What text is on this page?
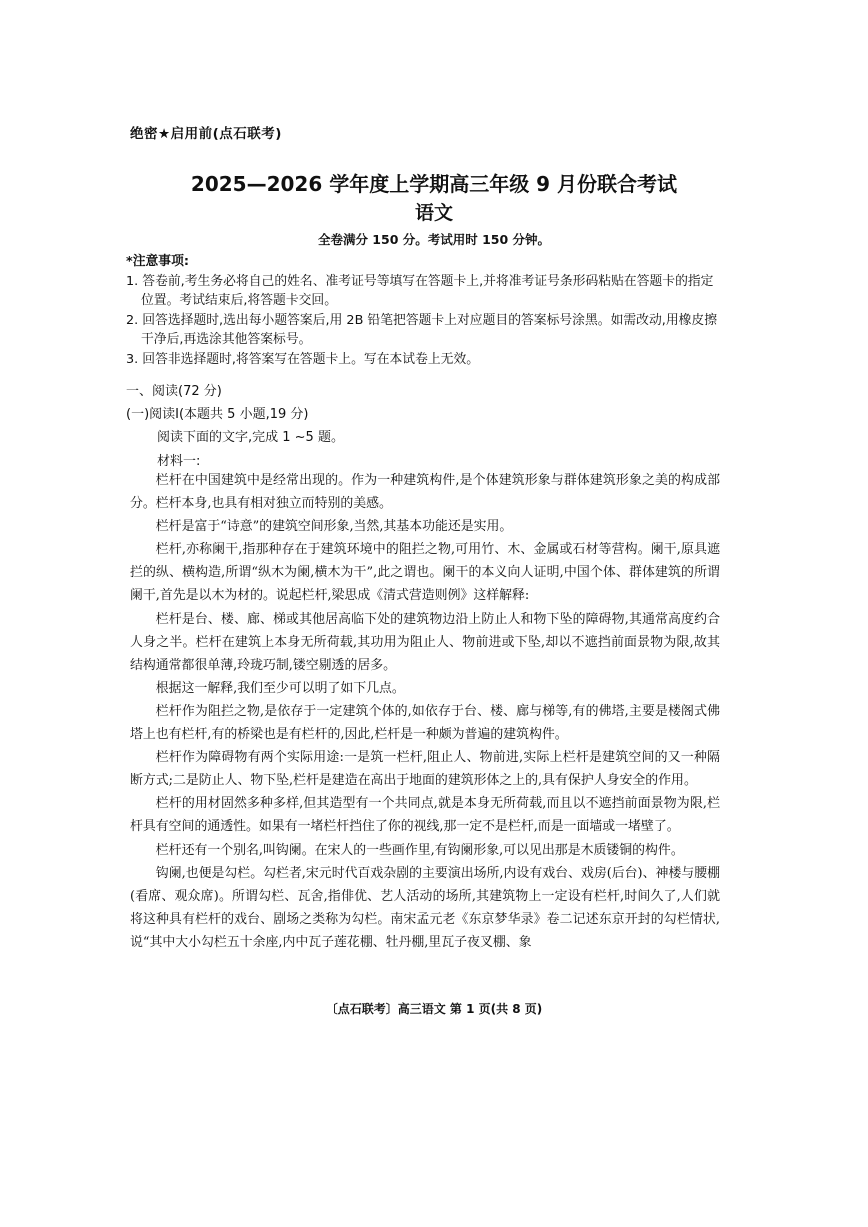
绝密★启用前(点石联考)
2025—2026 学年度上学期高三年级 9 月份联合考试
语文
全卷满分 150 分。考试用时 150 分钟。
*注意事项:

1. 答卷前,考生务必将自己的姓名、准考证号等填写在答题卡上,并将准考证号条形码粘贴在答题卡的指定位置。考试结束后,将答题卡交回。

2. 回答选择题时,选出每小题答案后,用 2B 铅笔把答题卡上对应题目的答案标号涂黑。如需改动,用橡皮擦干净后,再选涂其他答案标号。

3. 回答非选择题时,将答案写在答题卡上。写在本试卷上无效。

一、阅读(72 分)
(一)阅读Ⅰ(本题共 5 小题,19 分)
阅读下面的文字,完成 1 ~5 题。
材料一:

栏杆在中国建筑中是经常出现的。作为一种建筑构件,是个体建筑形象与群体建筑形象之美的构成部分。栏杆本身,也具有相对独立而特别的美感。

栏杆是富于“诗意”的建筑空间形象,当然,其基本功能还是实用。

栏杆,亦称阑干,指那种存在于建筑环境中的阻拦之物,可用竹、木、金属或石材等营构。阑干,原具遮拦的纵、横构造,所谓“纵木为阑,横木为干”,此之谓也。阑干的本义向人证明,中国个体、群体建筑的所谓阑干,首先是以木为材的。说起栏杆,梁思成《清式营造则例》这样解释:

栏杆是台、楼、廊、梯或其他居高临下处的建筑物边沿上防止人和物下坠的障碍物,其通常高度约合人身之半。栏杆在建筑上本身无所荷载,其功用为阻止人、物前进或下坠,却以不遮挡前面景物为限,故其结构通常都很单薄,玲珑巧制,镂空剔透的居多。

根据这一解释,我们至少可以明了如下几点。

栏杆作为阻拦之物,是依存于一定建筑个体的,如依存于台、楼、廊与梯等,有的佛塔,主要是楼阁式佛塔上也有栏杆,有的桥梁也是有栏杆的,因此,栏杆是一种颇为普遍的建筑构件。

栏杆作为障碍物有两个实际用途:一是筑一栏杆,阻止人、物前进,实际上栏杆是建筑空间的又一种隔断方式;二是防止人、物下坠,栏杆是建造在高出于地面的建筑形体之上的,具有保护人身安全的作用。

栏杆的用材固然多种多样,但其造型有一个共同点,就是本身无所荷载,而且以不遮挡前面景物为限,栏杆具有空间的通透性。如果有一堵栏杆挡住了你的视线,那一定不是栏杆,而是一面墙或一堵壁了。

栏杆还有一个别名,叫钩阑。在宋人的一些画作里,有钩阑形象,可以见出那是木质镂铜的构件。

钩阑,也便是勾栏。勾栏者,宋元时代百戏杂剧的主要演出场所,内设有戏台、戏房(后台)、神楼与腰棚(看席、观众席)。所谓勾栏、瓦舍,指俳优、艺人活动的场所,其建筑物上一定设有栏杆,时间久了,人们就将这种具有栏杆的戏台、剧场之类称为勾栏。南宋孟元老《东京梦华录》卷二记述东京开封的勾栏情状,说“其中大小勾栏五十余座,内中瓦子莲花棚、牡丹棚,里瓦子夜叉棚、象

〔点石联考〕高三语文 第 1 页(共 8 页)
